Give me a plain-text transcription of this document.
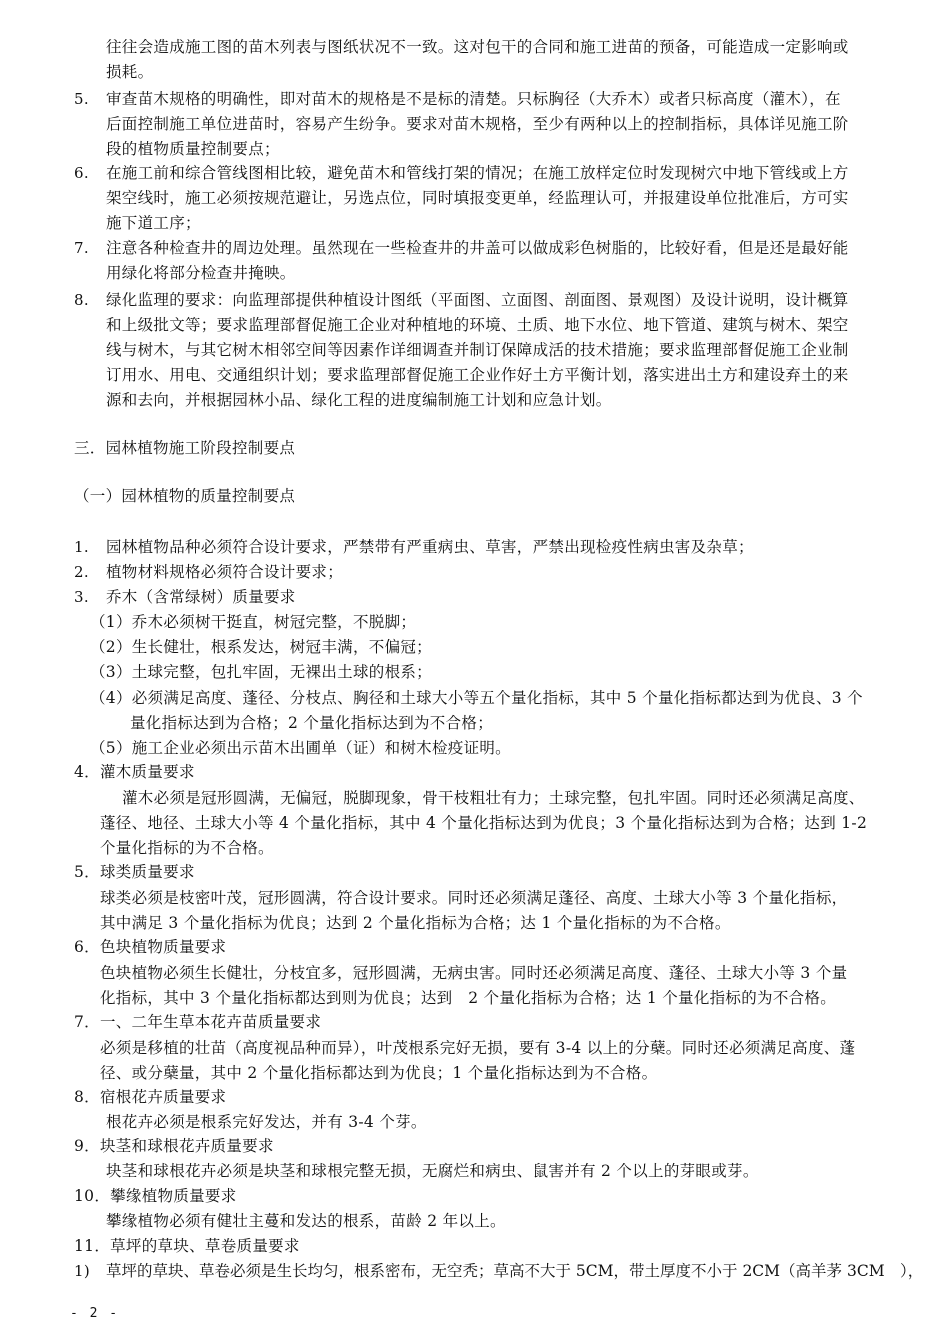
往往会造成施工图的苗木列表与图纸状况不一致。这对包干的合同和施工进苗的预备，可能造成一定影响或
损耗。
5. 审查苗木规格的明确性，即对苗木的规格是不是标的清楚。只标胸径（大乔木）或者只标高度（灌木），在
后面控制施工单位进苗时，容易产生纷争。要求对苗木规格，至少有两种以上的控制指标，具体详见施工阶
段的植物质量控制要点；
6. 在施工前和综合管线图相比较，避免苗木和管线打架的情况；在施工放样定位时发现树穴中地下管线或上方
架空线时，施工必须按规范避让，另选点位，同时填报变更单，经监理认可，并报建设单位批准后，方可实
施下道工序；
7. 注意各种检查井的周边处理。虽然现在一些检查井的井盖可以做成彩色树脂的，比较好看，但是还是最好能
用绿化将部分检查井掩映。
8. 绿化监理的要求：向监理部提供种植设计图纸（平面图、立面图、剖面图、景观图）及设计说明，设计概算
和上级批文等；要求监理部督促施工企业对种植地的环境、土质、地下水位、地下管道、建筑与树木、架空
线与树木，与其它树木相邻空间等因素作详细调查并制订保障成活的技术措施；要求监理部督促施工企业制
订用水、用电、交通组织计划；要求监理部督促施工企业作好土方平衡计划，落实进出土方和建设弃土的来
源和去向，并根据园林小品、绿化工程的进度编制施工计划和应急计划。
三．园林植物施工阶段控制要点
（一）园林植物的质量控制要点
1. 园林植物品种必须符合设计要求，严禁带有严重病虫、草害，严禁出现检疫性病虫害及杂草；
2. 植物材料规格必须符合设计要求；
3. 乔木（含常绿树）质量要求
（1）乔木必须树干挺直，树冠完整，不脱脚；
（2）生长健壮，根系发达，树冠丰满，不偏冠；
（3）土球完整，包扎牢固，无裸出土球的根系；
（4）必须满足高度、蓬径、分枝点、胸径和土球大小等五个量化指标，其中 5 个量化指标都达到为优良、3 个
量化指标达到为合格；2 个量化指标达到为不合格；
（5）施工企业必须出示苗木出圃单（证）和树木检疫证明。
4．灌木质量要求
灌木必须是冠形圆满，无偏冠，脱脚现象，骨干枝粗壮有力；土球完整，包扎牢固。同时还必须满足高度、
蓬径、地径、土球大小等 4 个量化指标，其中 4 个量化指标达到为优良；3 个量化指标达到为合格；达到 1-2
个量化指标的为不合格。
5．球类质量要求
球类必须是枝密叶茂，冠形圆满，符合设计要求。同时还必须满足蓬径、高度、土球大小等 3 个量化指标，
其中满足 3 个量化指标为优良；达到 2 个量化指标为合格；达 1 个量化指标的为不合格。
6．色块植物质量要求
色块植物必须生长健壮，分枝宜多，冠形圆满，无病虫害。同时还必须满足高度、蓬径、土球大小等 3 个量
化指标，其中 3 个量化指标都达到则为优良；达到　2 个量化指标为合格；达 1 个量化指标的为不合格。
7．一、二年生草本花卉苗质量要求
必须是移植的壮苗（高度视品种而异），叶茂根系完好无损，要有 3-4 以上的分蘖。同时还必须满足高度、蓬
径、或分蘖量，其中 2 个量化指标都达到为优良；1 个量化指标达到为不合格。
8．宿根花卉质量要求
根花卉必须是根系完好发达，并有 3-4 个芽。
9．块茎和球根花卉质量要求
块茎和球根花卉必须是块茎和球根完整无损，无腐烂和病虫、鼠害并有 2 个以上的芽眼或芽。
10．攀缘植物质量要求
攀缘植物必须有健壮主蔓和发达的根系，苗龄 2 年以上。
11．草坪的草块、草卷质量要求
1) 草坪的草块、草卷必须是生长均匀，根系密布，无空秃；草高不大于 5CM，带土厚度不小于 2CM（高羊茅 3CM　），
- 2 -
